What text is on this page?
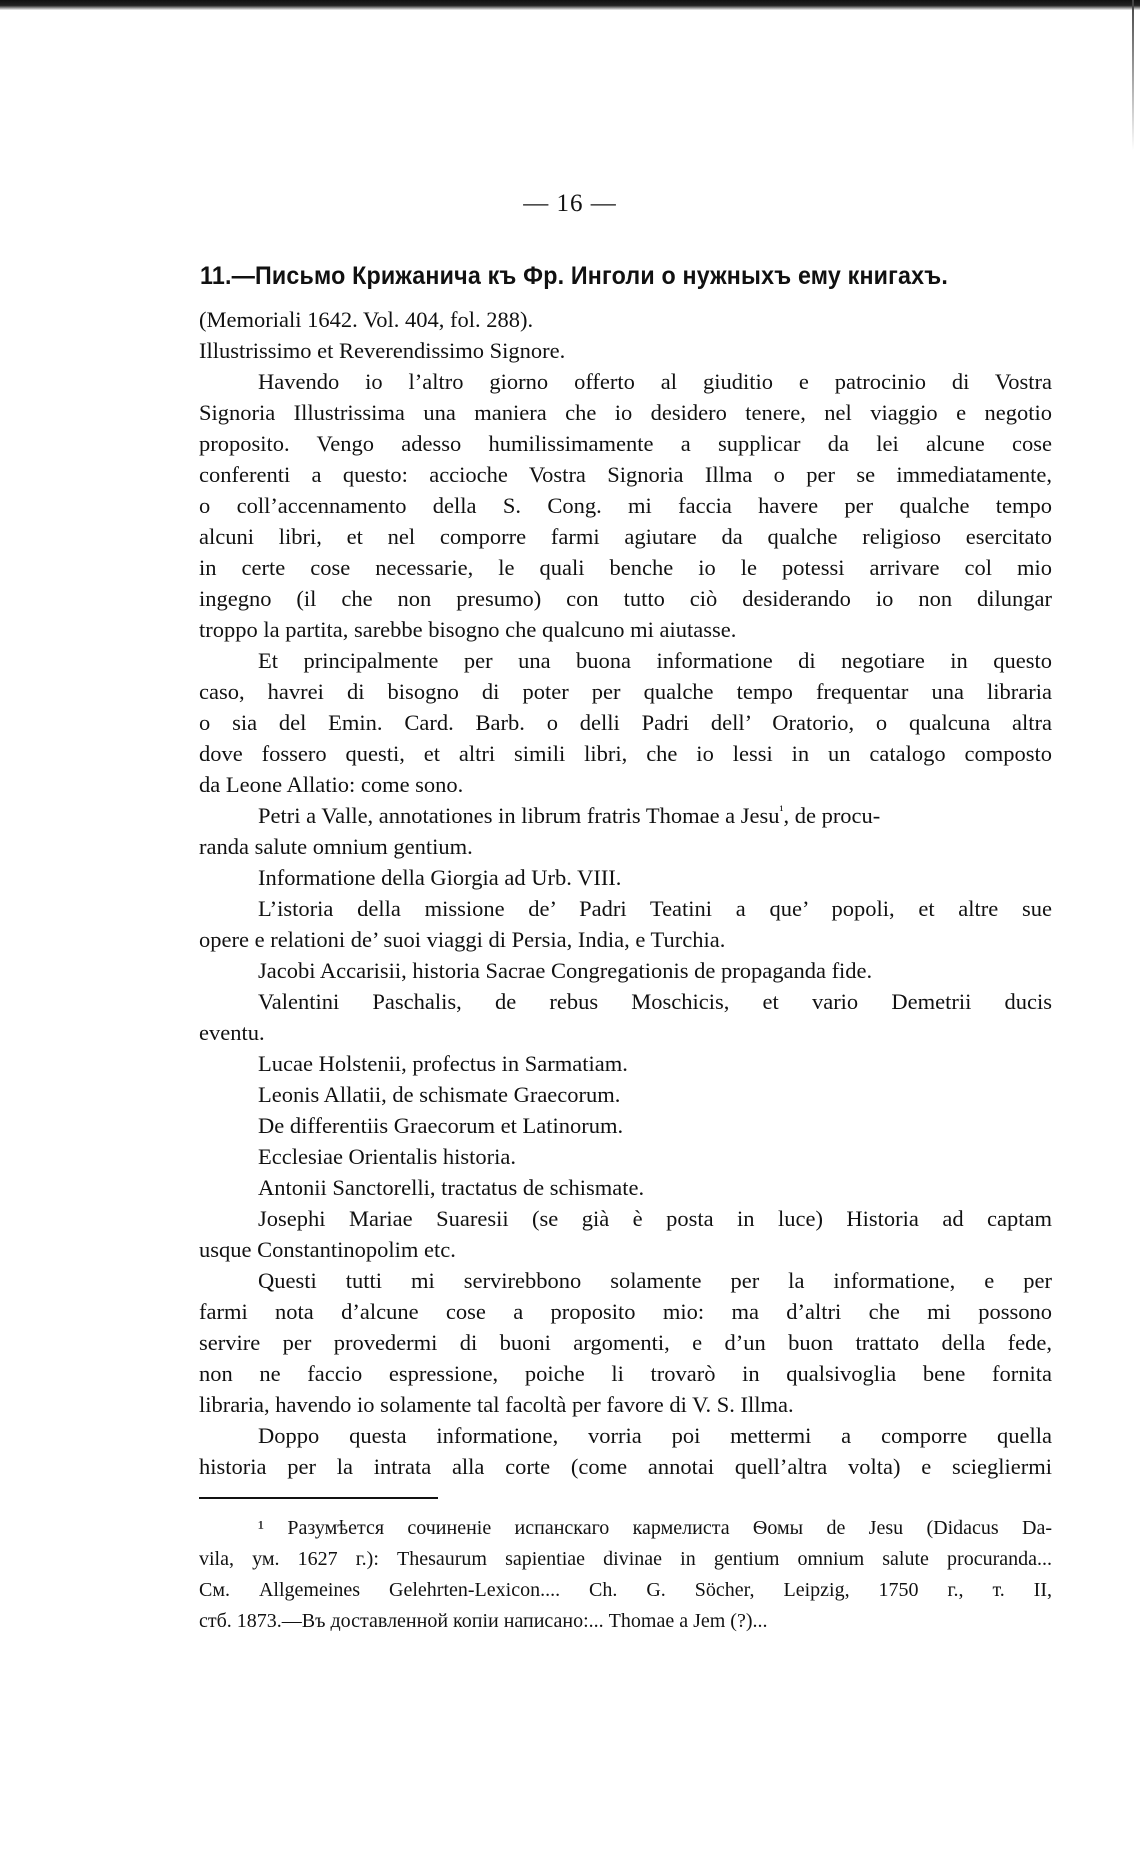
— 16 —
11.—Письмо Крижанича къ Фр. Инголи о нужныхъ ему книгахъ.
(Memoriali 1642. Vol. 404, fol. 288).
Illustrissimo et Reverendissimo Signore.
Havendo io l’altro giorno offerto al giuditio e patrocinio di Vostra
Signoria Illustrissima una maniera che io desidero tenere, nel viaggio e negotio
proposito. Vengo adesso humilissimamente a supplicar da lei alcune cose
conferenti a questo: accioche Vostra Signoria Illma o per se immediatamente,
o coll’accennamento della S. Cong. mi faccia havere per qualche tempo
alcuni libri, et nel comporre farmi agiutare da qualche religioso esercitato
in certe cose necessarie, le quali benche io le potessi arrivare col mio
ingegno (il che non presumo) con tutto ciò desiderando io non dilungar
troppo la partita, sarebbe bisogno che qualcuno mi aiutasse.
Et principalmente per una buona informatione di negotiare in questo
caso, havrei di bisogno di poter per qualche tempo frequentar una libraria
o sia del Emin. Card. Barb. o delli Padri dell’ Oratorio, o qualcuna altra
dove fossero questi, et altri simili libri, che io lessi in un catalogo composto
da Leone Allatio: come sono.
Petri a Valle, annotationes in librum fratris Thomae a Jesu$^{^1}$, de procu-
randa salute omnium gentium.
Informatione della Giorgia ad Urb. VIII.
L’istoria della missione de’ Padri Teatini a que’ popoli, et altre sue
opere e relationi de’ suoi viaggi di Persia, India, e Turchia.
Jacobi Accarisii, historia Sacrae Congregationis de propaganda fide.
Valentini Paschalis, de rebus Moschicis, et vario Demetrii ducis
eventu.
Lucae Holstenii, profectus in Sarmatiam.
Leonis Allatii, de schismate Graecorum.
De differentiis Graecorum et Latinorum.
Ecclesiae Orientalis historia.
Antonii Sanctorelli, tractatus de schismate.
Josephi Mariae Suaresii (se già è posta in luce) Historia ad captam
usque Constantinopolim etc.
Questi tutti mi servirebbono solamente per la informatione, e per
farmi nota d’alcune cose a proposito mio: ma d’altri che mi possono
servire per provedermi di buoni argomenti, e d’un buon trattato della fede,
non ne faccio espressione, poiche li trovarò in qualsivoglia bene fornita
libraria, havendo io solamente tal facoltà per favore di V. S. Illma.
Doppo questa informatione, vorria poi mettermi a comporre quella
historia per la intrata alla corte (come annotai quell’altra volta) e sciegliermi
¹ Разумѣется сочиненіе испанскаго кармелиста Ѳомы de Jesu (Didacus Da-
vila, ум. 1627 г.): Thesaurum sapientiae divinae in gentium omnium salute procuranda...
См. Allgemeines Gelehrten-Lexicon.... Ch. G. Söcher, Leipzig, 1750 г., т. II,
стб. 1873.—Въ доставленной копіи написано:... Thomae a Jem (?)...
